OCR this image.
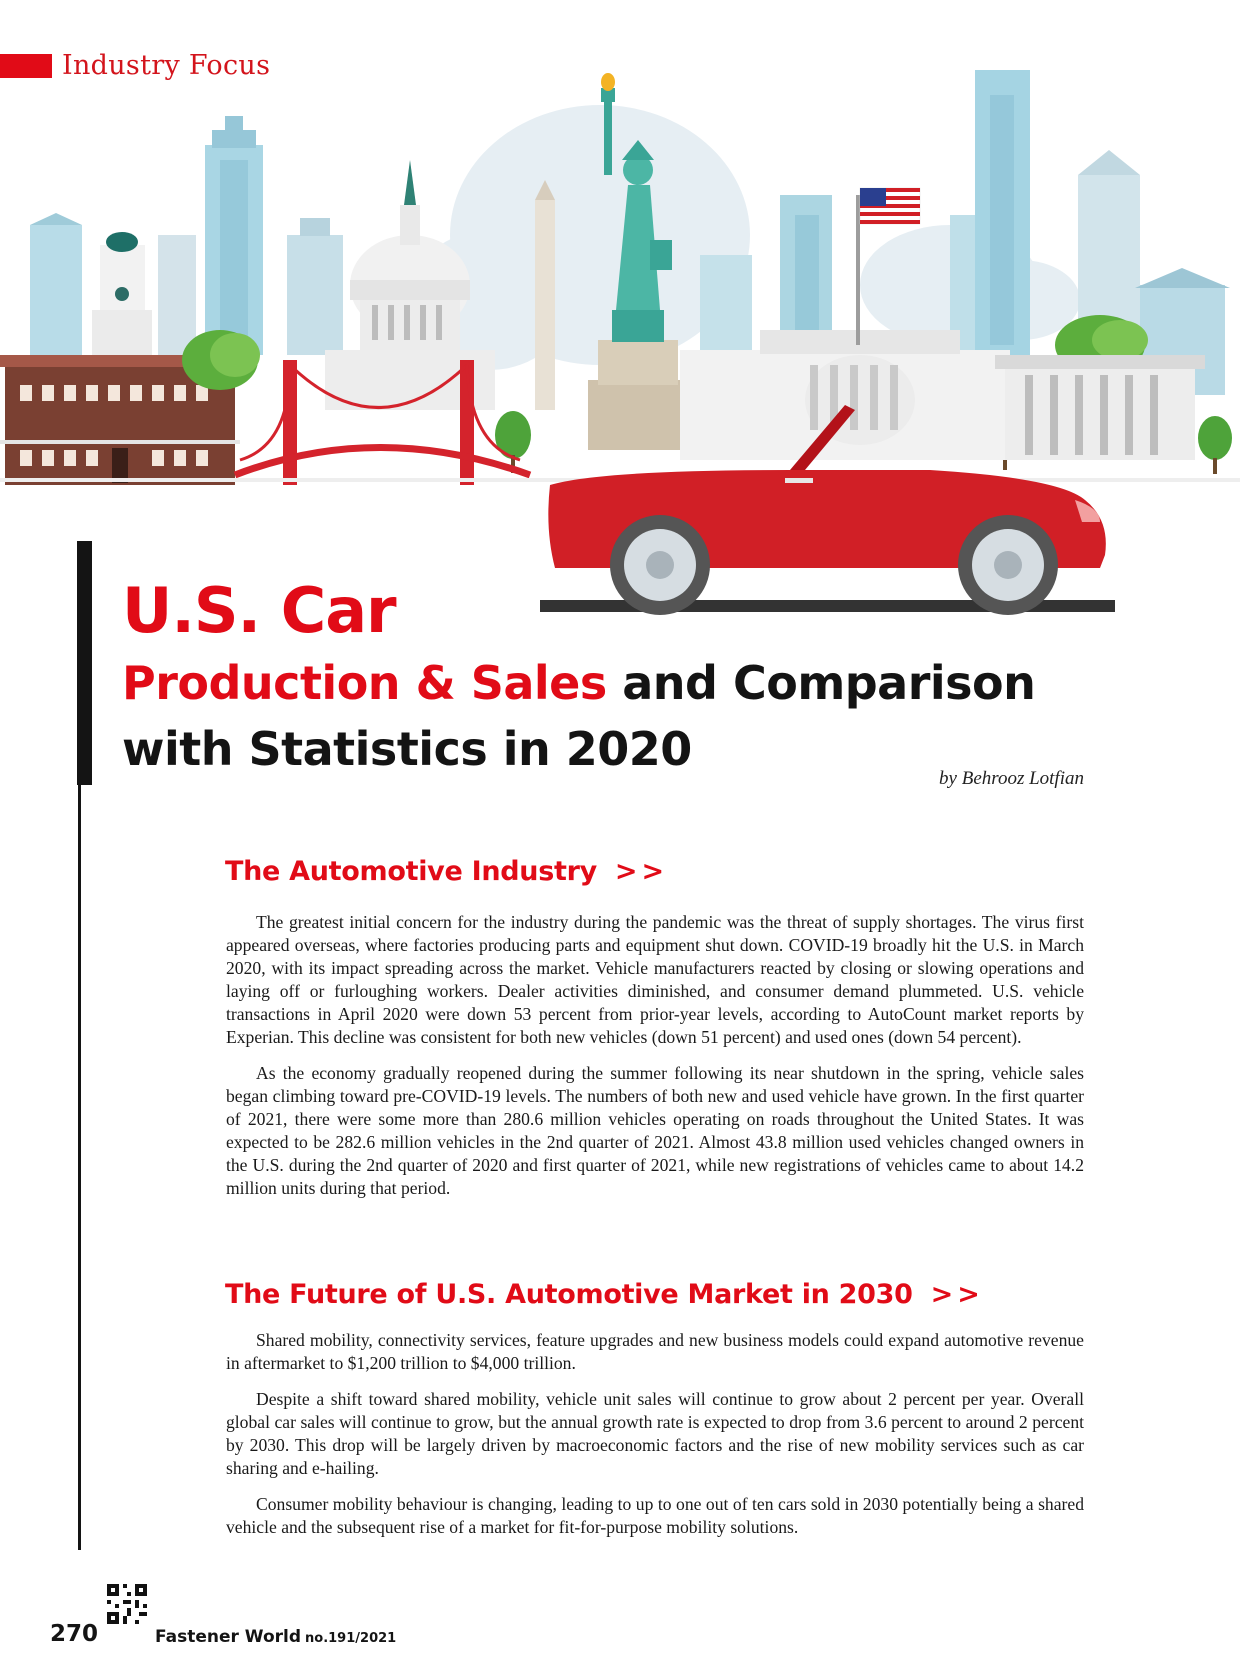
Industry Focus
U.S. Car
Production & Sales and Comparison
with Statistics in 2020
by Behrooz Lotfian
The Automotive Industry >>

The greatest initial concern for the industry during the pandemic was the threat of supply shortages. The virus first appeared overseas, where factories producing parts and equipment shut down. COVID-19 broadly hit the U.S. in March 2020, with its impact spreading across the market. Vehicle manufacturers reacted by closing or slowing operations and laying off or furloughing workers. Dealer activities diminished, and consumer demand plummeted. U.S. vehicle transactions in April 2020 were down 53 percent from prior-year levels, according to AutoCount market reports by Experian. This decline was consistent for both new vehicles (down 51 percent) and used ones (down 54 percent).

As the economy gradually reopened during the summer following its near shutdown in the spring, vehicle sales began climbing toward pre-COVID-19 levels. The numbers of both new and used vehicle have grown. In the first quarter of 2021, there were some more than 280.6 million vehicles operating on roads throughout the United States. It was expected to be 282.6 million vehicles in the 2nd quarter of 2021. Almost 43.8 million used vehicles changed owners in the U.S. during the 2nd quarter of 2020 and first quarter of 2021, while new registrations of vehicles came to about 14.2 million units during that period.

The Future of U.S. Automotive Market in 2030 >>

Shared mobility, connectivity services, feature upgrades and new business models could expand automotive revenue in aftermarket to $1,200 trillion to $4,000 trillion.

Despite a shift toward shared mobility, vehicle unit sales will continue to grow about 2 percent per year. Overall global car sales will continue to grow, but the annual growth rate is expected to drop from 3.6 percent to around 2 percent by 2030. This drop will be largely driven by macroeconomic factors and the rise of new mobility services such as car sharing and e-hailing.

Consumer mobility behaviour is changing, leading to up to one out of ten cars sold in 2030 potentially being a shared vehicle and the subsequent rise of a market for fit-for-purpose mobility solutions.

270	Fastener World no.191/2021
